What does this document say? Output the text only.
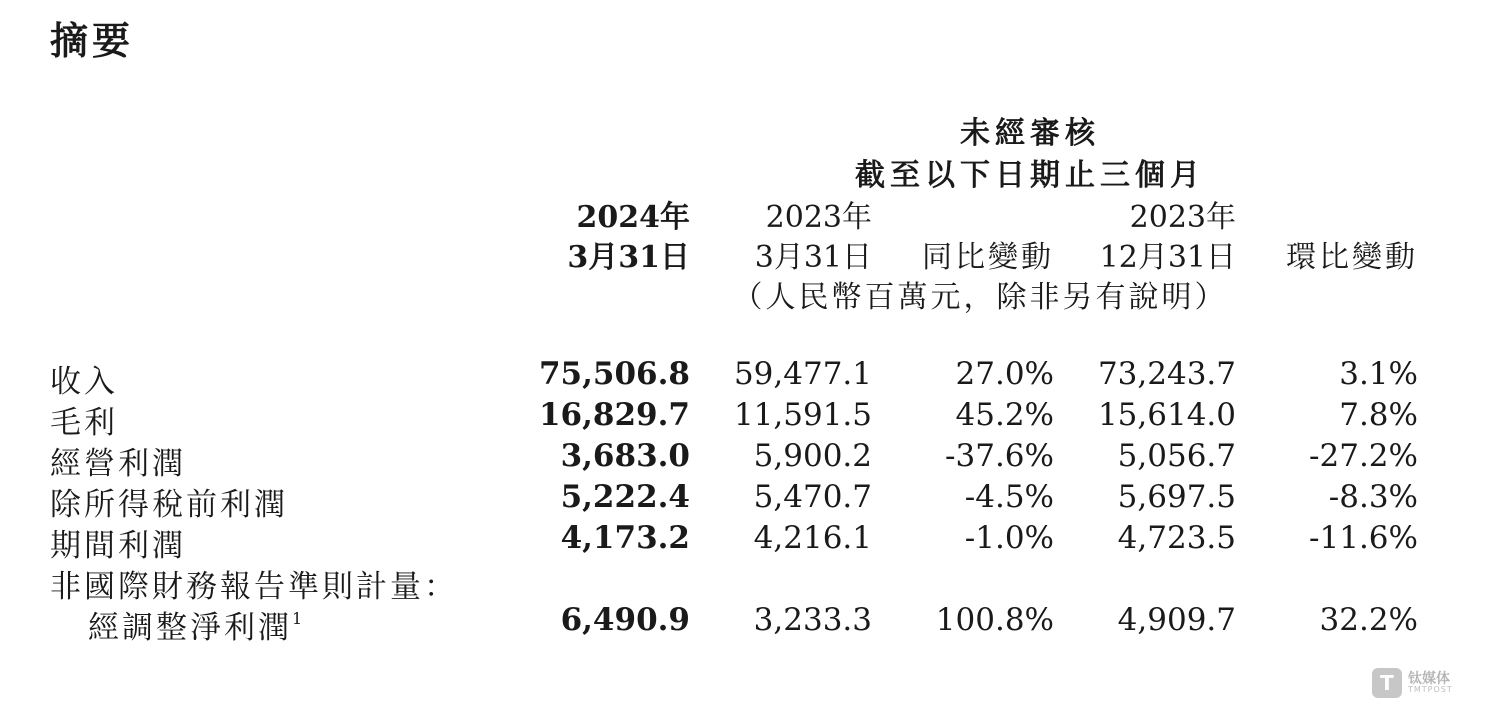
摘要
未經審核
截至以下日期止三個月
2024年	2023年	2023年
3月31日 3月31日 同比變動 12月31日 環比變動
（人民幣百萬元，除非另有說明）
收入	75,506.8	59,477.1	27.0%	73,243.7	3.1%
毛利	16,829.7	11,591.5	45.2%	15,614.0	7.8%
經營利潤	3,683.0	5,900.2	-37.6%	5,056.7	-27.2%
除所得稅前利潤	5,222.4	5,470.7	-4.5%	5,697.5	-8.3%
期間利潤	4,173.2	4,216.1	-1.0%	4,723.5	-11.6%
非國際財務報告準則計量：
經調整淨利潤$^1$	6,490.9	3,233.3	100.8%	4,909.7	32.2%
T	钛媒体
TMTPOST
